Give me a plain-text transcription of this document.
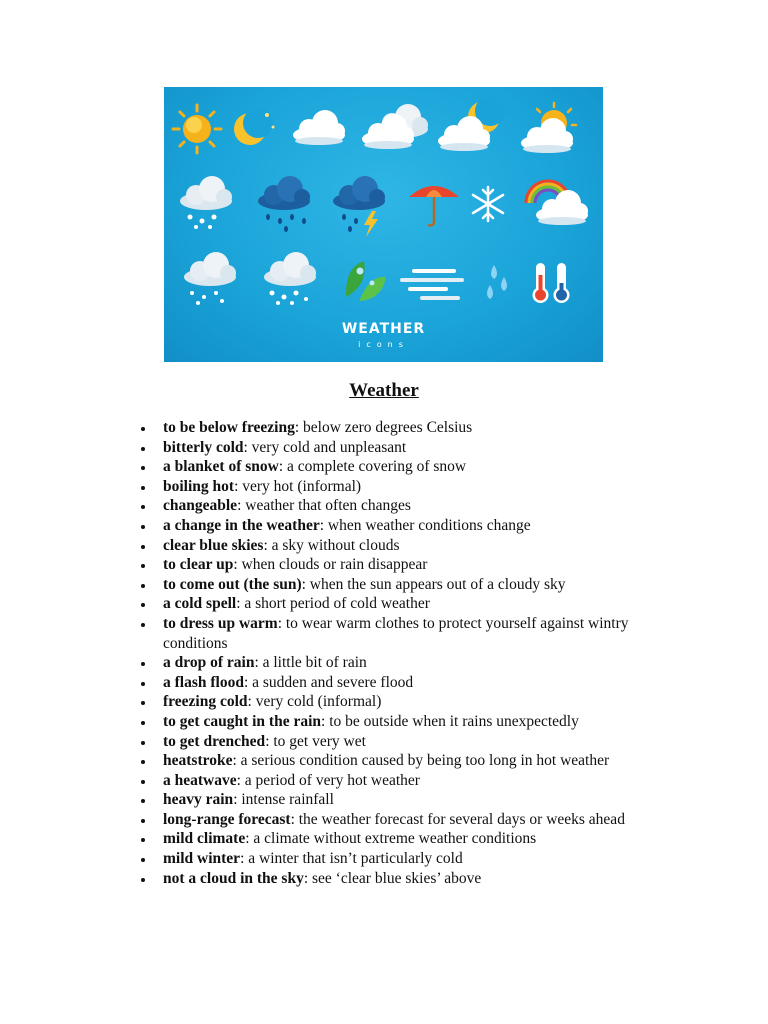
WEATHER
icons
Weather
to be below freezing: below zero degrees Celsius
bitterly cold: very cold and unpleasant
a blanket of snow: a complete covering of snow
boiling hot: very hot (informal)
changeable: weather that often changes
a change in the weather: when weather conditions change
clear blue skies: a sky without clouds
to clear up: when clouds or rain disappear
to come out (the sun): when the sun appears out of a cloudy sky
a cold spell: a short period of cold weather
to dress up warm: to wear warm clothes to protect yourself against wintry conditions
a drop of rain: a little bit of rain
a flash flood: a sudden and severe flood
freezing cold: very cold (informal)
to get caught in the rain: to be outside when it rains unexpectedly
to get drenched: to get very wet
heatstroke: a serious condition caused by being too long in hot weather
a heatwave: a period of very hot weather
heavy rain: intense rainfall
long-range forecast: the weather forecast for several days or weeks ahead
mild climate: a climate without extreme weather conditions
mild winter: a winter that isn’t particularly cold
not a cloud in the sky: see ‘clear blue skies’ above
